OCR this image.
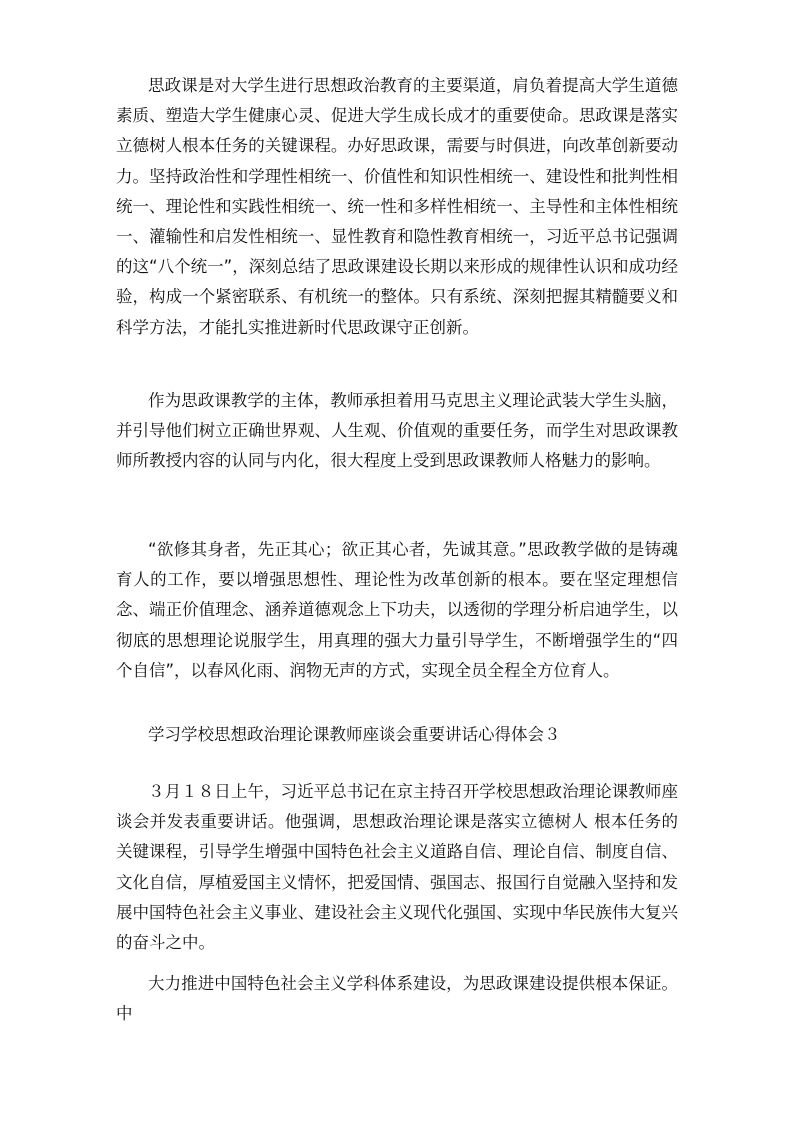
思政课是对大学生进行思想政治教育的主要渠道，肩负着提高大学生道德素质、塑造大学生健康心灵、促进大学生成长成才的重要使命。思政课是落实立德树人根本任务的关键课程。办好思政课，需要与时俱进，向改革创新要动力。坚持政治性和学理性相统一、价值性和知识性相统一、建设性和批判性相统一、理论性和实践性相统一、统一性和多样性相统一、主导性和主体性相统一、灌输性和启发性相统一、显性教育和隐性教育相统一，习近平总书记强调的这“八个统一”，深刻总结了思政课建设长期以来形成的规律性认识和成功经验，构成一个紧密联系、有机统一的整体。只有系统、深刻把握其精髓要义和科学方法，才能扎实推进新时代思政课守正创新。

作为思政课教学的主体，教师承担着用马克思主义理论武装大学生头脑，并引导他们树立正确世界观、人生观、价值观的重要任务，而学生对思政课教师所教授内容的认同与内化，很大程度上受到思政课教师人格魅力的影响。

“欲修其身者，先正其心；欲正其心者，先诚其意。”思政教学做的是铸魂育人的工作，要以增强思想性、理论性为改革创新的根本。要在坚定理想信念、端正价值理念、涵养道德观念上下功夫，以透彻的学理分析启迪学生，以彻底的思想理论说服学生，用真理的强大力量引导学生，不断增强学生的“四个自信”，以春风化雨、润物无声的方式，实现全员全程全方位育人。

学习学校思想政治理论课教师座谈会重要讲话心得体会３

３月１８日上午，习近平总书记在京主持召开学校思想政治理论课教师座谈会并发表重要讲话。他强调，思想政治理论课是落实立德树人 根本任务的关键课程，引导学生增强中国特色社会主义道路自信、理论自信、制度自信、文化自信，厚植爱国主义情怀，把爱国情、强国志、报国行自觉融入坚持和发展中国特色社会主义事业、建设社会主义现代化强国、实现中华民族伟大复兴的奋斗之中。

大力推进中国特色社会主义学科体系建设，为思政课建设提供根本保证。中
